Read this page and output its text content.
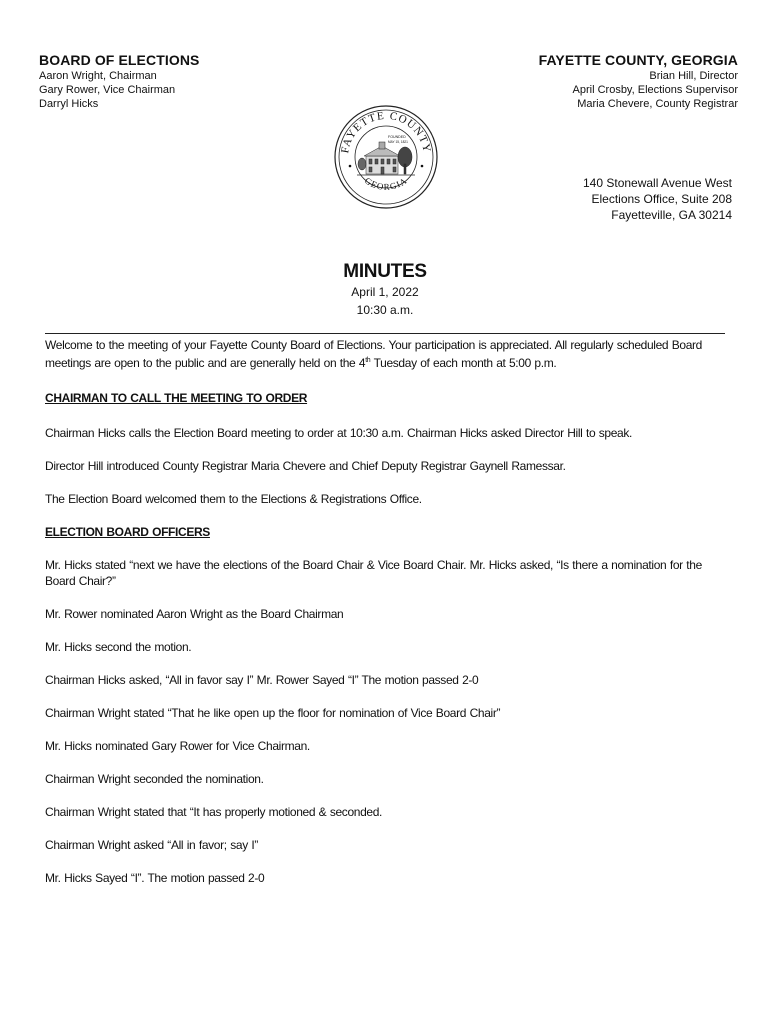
BOARD OF ELECTIONS
Aaron Wright, Chairman
Gary Rower, Vice Chairman
Darryl Hicks
FAYETTE COUNTY, GEORGIA
Brian Hill, Director
April Crosby, Elections Supervisor
Maria Chevere, County Registrar
FAYETTE COUNTY
GEORGIA
FOUNDED
MAY 15, 1821
140 Stonewall Avenue West
Elections Office, Suite 208
Fayetteville, GA 30214
MINUTES
April 1, 2022
10:30 a.m.

Welcome to the meeting of your Fayette County Board of Elections. Your participation is appreciated. All regularly scheduled Board meetings are open to the public and are generally held on the 4th Tuesday of each month at 5:00 p.m.

CHAIRMAN TO CALL THE MEETING TO ORDER

Chairman Hicks calls the Election Board meeting to order at 10:30 a.m. Chairman Hicks asked Director Hill to speak.

Director Hill introduced County Registrar Maria Chevere and Chief Deputy Registrar Gaynell Ramessar.

The Election Board welcomed them to the Elections & Registrations Office.

ELECTION BOARD OFFICERS

Mr. Hicks stated “next we have the elections of the Board Chair & Vice Board Chair. Mr. Hicks asked, “Is there a nomination for the Board Chair?”

Mr. Rower nominated Aaron Wright as the Board Chairman

Mr. Hicks second the motion.

Chairman Hicks asked, “All in favor say I” Mr. Rower Sayed “I” The motion passed 2-0

Chairman Wright stated “That he like open up the floor for nomination of Vice Board Chair”

Mr. Hicks nominated Gary Rower for Vice Chairman.

Chairman Wright seconded the nomination.

Chairman Wright stated that “It has properly motioned & seconded.

Chairman Wright asked “All in favor; say I”

Mr. Hicks Sayed “I”. The motion passed 2-0
